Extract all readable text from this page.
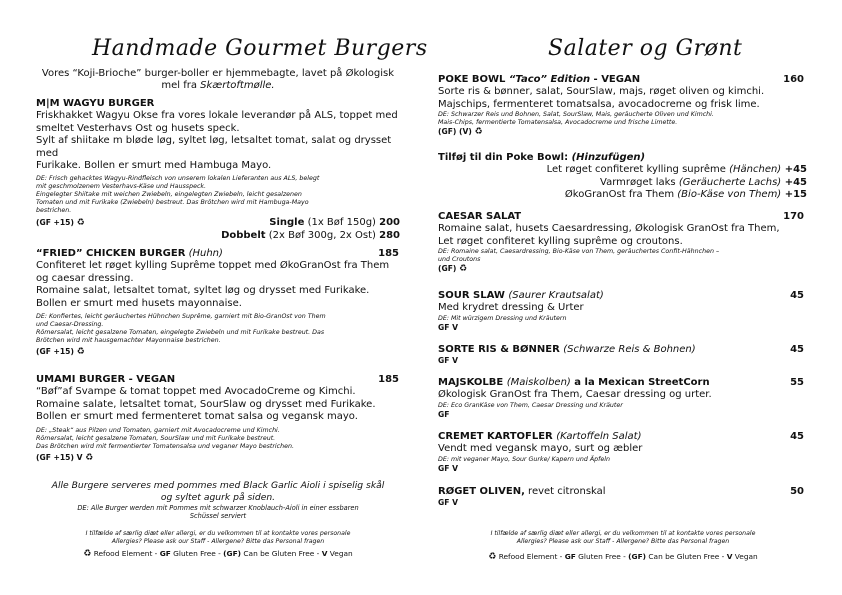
Handmade Gourmet Burgers
Vores “Koji-Brioche” burger-boller er hjemmebagte, lavet på Økologisk
mel fra Skærtoftmølle.
M|M WAGYU BURGER
Friskhakket Wagyu Okse fra vores lokale leverandør på ALS, toppet med
smeltet Vesterhavs Ost og husets speck.
Sylt af shiitake m bløde løg, syltet løg, letsaltet tomat, salat og drysset med
Furikake. Bollen er smurt med Hambuga Mayo.
DE: Frisch gehacktes Wagyu-Rindfleisch von unserem lokalen Lieferanten aus ALS, belegt
mit geschmolzenem Vesterhavs-Käse und Hausspeck.
Eingelegter Shiitake mit weichen Zwiebeln, eingelegten Zwiebeln, leicht gesalzenen
Tomaten und mit Furikake (Zwiebeln) bestreut. Das Brötchen wird mit Hambuga-Mayo
bestrichen.
(GF +15) ♻	Single (1x Bøf 150g) 200
Dobbelt (2x Bøf 300g, 2x Ost) 280
“FRIED” CHICKEN BURGER (Huhn)	185
Confiteret let røget kylling Suprême toppet med ØkoGranOst fra Them
og caesar dressing.
Romaine salat, letsaltet tomat, syltet løg og drysset med Furikake.
Bollen er smurt med husets mayonnaise.
DE: Konfiertes, leicht geräuchertes Hühnchen Suprême, garniert mit Bio-GranOst von Them
und Caesar-Dressing.
Römersalat, leicht gesalzene Tomaten, eingelegte Zwiebeln und mit Furikake bestreut. Das
Brötchen wird mit hausgemachter Mayonnaise bestrichen.
(GF +15) ♻
UMAMI BURGER - VEGAN	185
“Bøf”af Svampe & tomat toppet med AvocadoCreme og Kimchi.
Romaine salate, letsaltet tomat, SourSlaw og drysset med Furikake.
Bollen er smurt med fermenteret tomat salsa og vegansk mayo.
DE: „Steak“ aus Pilzen und Tomaten, garniert mit Avocadocreme und Kimchi.
Römersalat, leicht gesalzene Tomaten, SourSlaw und mit Furikake bestreut.
Das Brötchen wird mit fermentierter Tomatensalsa und veganer Mayo bestrichen.
(GF +15) V ♻
Alle Burgere serveres med pommes med Black Garlic Aioli i spiselig skål
og syltet agurk på siden.
DE: Alle Burger werden mit Pommes mit schwarzer Knoblauch-Aioli in einer essbaren
Schüssel serviert
I tilfælde af særlig diæt eller allergi, er du velkommen til at kontakte vores personale
Allergies? Please ask our Staff - Allergene? Bitte das Personal fragen
♻ Refood Element - GF Gluten Free - (GF) Can be Gluten Free - V Vegan
Salater og Grønt
POKE BOWL “Taco” Edition - VEGAN	160
Sorte ris & bønner, salat, SourSlaw, majs, røget oliven og kimchi.
Majschips, fermenteret tomatsalsa, avocadocreme og frisk lime.
DE: Schwarzer Reis und Bohnen, Salat, SourSlaw, Mais, geräucherte Oliven und Kimchi.
Mais-Chips, fermentierte Tomatensalsa, Avocadocreme und frische Limette.
(GF) (V) ♻
Tilføj til din Poke Bowl: (Hinzufügen)
Let røget confiteret kylling suprême (Hänchen) +45
Varmrøget laks (Geräucherte Lachs) +45
ØkoGranOst fra Them (Bio-Käse von Them) +15
CAESAR SALAT	170
Romaine salat, husets Caesardressing, Økologisk GranOst fra Them,
Let røget confiteret kylling suprême og croutons.
DE: Romaine salat, Caesardressing, Bio-Käse von Them, geräuchertes Confit-Hähnchen –
und Croutons
(GF) ♻
SOUR SLAW (Saurer Krautsalat)	45
Med krydret dressing & Urter
DE: Mit würzigem Dressing und Kräutern
GF V
SORTE RIS & BØNNER (Schwarze Reis & Bohnen)	45
GF V
MAJSKOLBE (Maiskolben) a la Mexican StreetCorn	55
Økologisk GranOst fra Them, Caesar dressing og urter.
DE: Eco GranKäse von Them, Caesar Dressing und Kräuter
GF
CREMET KARTOFLER (Kartoffeln Salat)	45
Vendt med vegansk mayo, surt og æbler
DE: mit veganer Mayo, Sour Gurke/ Kapern und Äpfeln
GF V
RØGET OLIVEN, revet citronskal	50
GF V
I tilfælde af særlig diæt eller allergi, er du velkommen til at kontakte vores personale
Allergies? Please ask our Staff - Allergene? Bitte das Personal fragen
♻ Refood Element - GF Gluten Free - (GF) Can be Gluten Free - V Vegan
